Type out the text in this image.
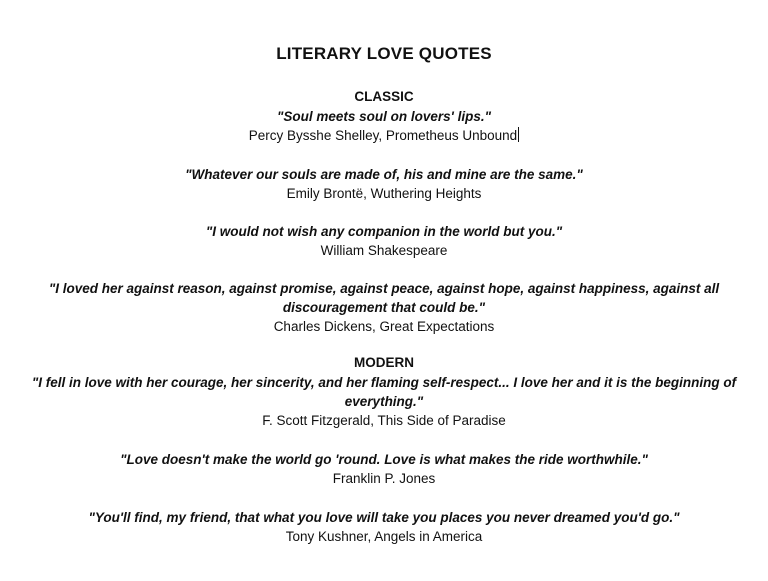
LITERARY LOVE QUOTES
CLASSIC
"Soul meets soul on lovers' lips."
Percy Bysshe Shelley, Prometheus Unbound
"Whatever our souls are made of, his and mine are the same."
Emily Brontë, Wuthering Heights
"I would not wish any companion in the world but you."
William Shakespeare
"I loved her against reason, against promise, against peace, against hope, against happiness, against all discouragement that could be."
Charles Dickens, Great Expectations
MODERN
"I fell in love with her courage, her sincerity, and her flaming self-respect... I love her and it is the beginning of everything."
F. Scott Fitzgerald, This Side of Paradise
"Love doesn't make the world go 'round. Love is what makes the ride worthwhile."
Franklin P. Jones
"You'll find, my friend, that what you love will take you places you never dreamed you'd go."
Tony Kushner, Angels in America
